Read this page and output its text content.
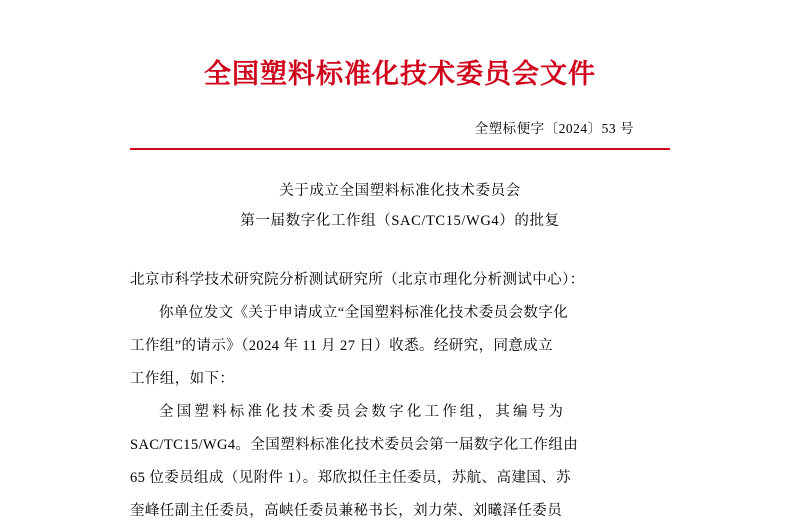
全国塑料标准化技术委员会文件
全塑标便字〔2024〕53 号
关于成立全国塑料标准化技术委员会
第一届数字化工作组（SAC/TC15/WG4）的批复
北京市科学技术研究院分析测试研究所（北京市理化分析测试中心）：
你单位发文《关于申请成立“全国塑料标准化技术委员会数字化
工作组”的请示》（2024 年 11 月 27 日）收悉。经研究，同意成立
工作组，如下：
全国塑料标准化技术委员会数字化工作组，其编号为
SAC/TC15/WG4。全国塑料标准化技术委员会第一届数字化工作组由
65 位委员组成（见附件 1）。郑欣拟任主任委员，苏航、高建国、苏
奎峰任副主任委员，高峡任委员兼秘书长，刘力荣、刘曦泽任委员
